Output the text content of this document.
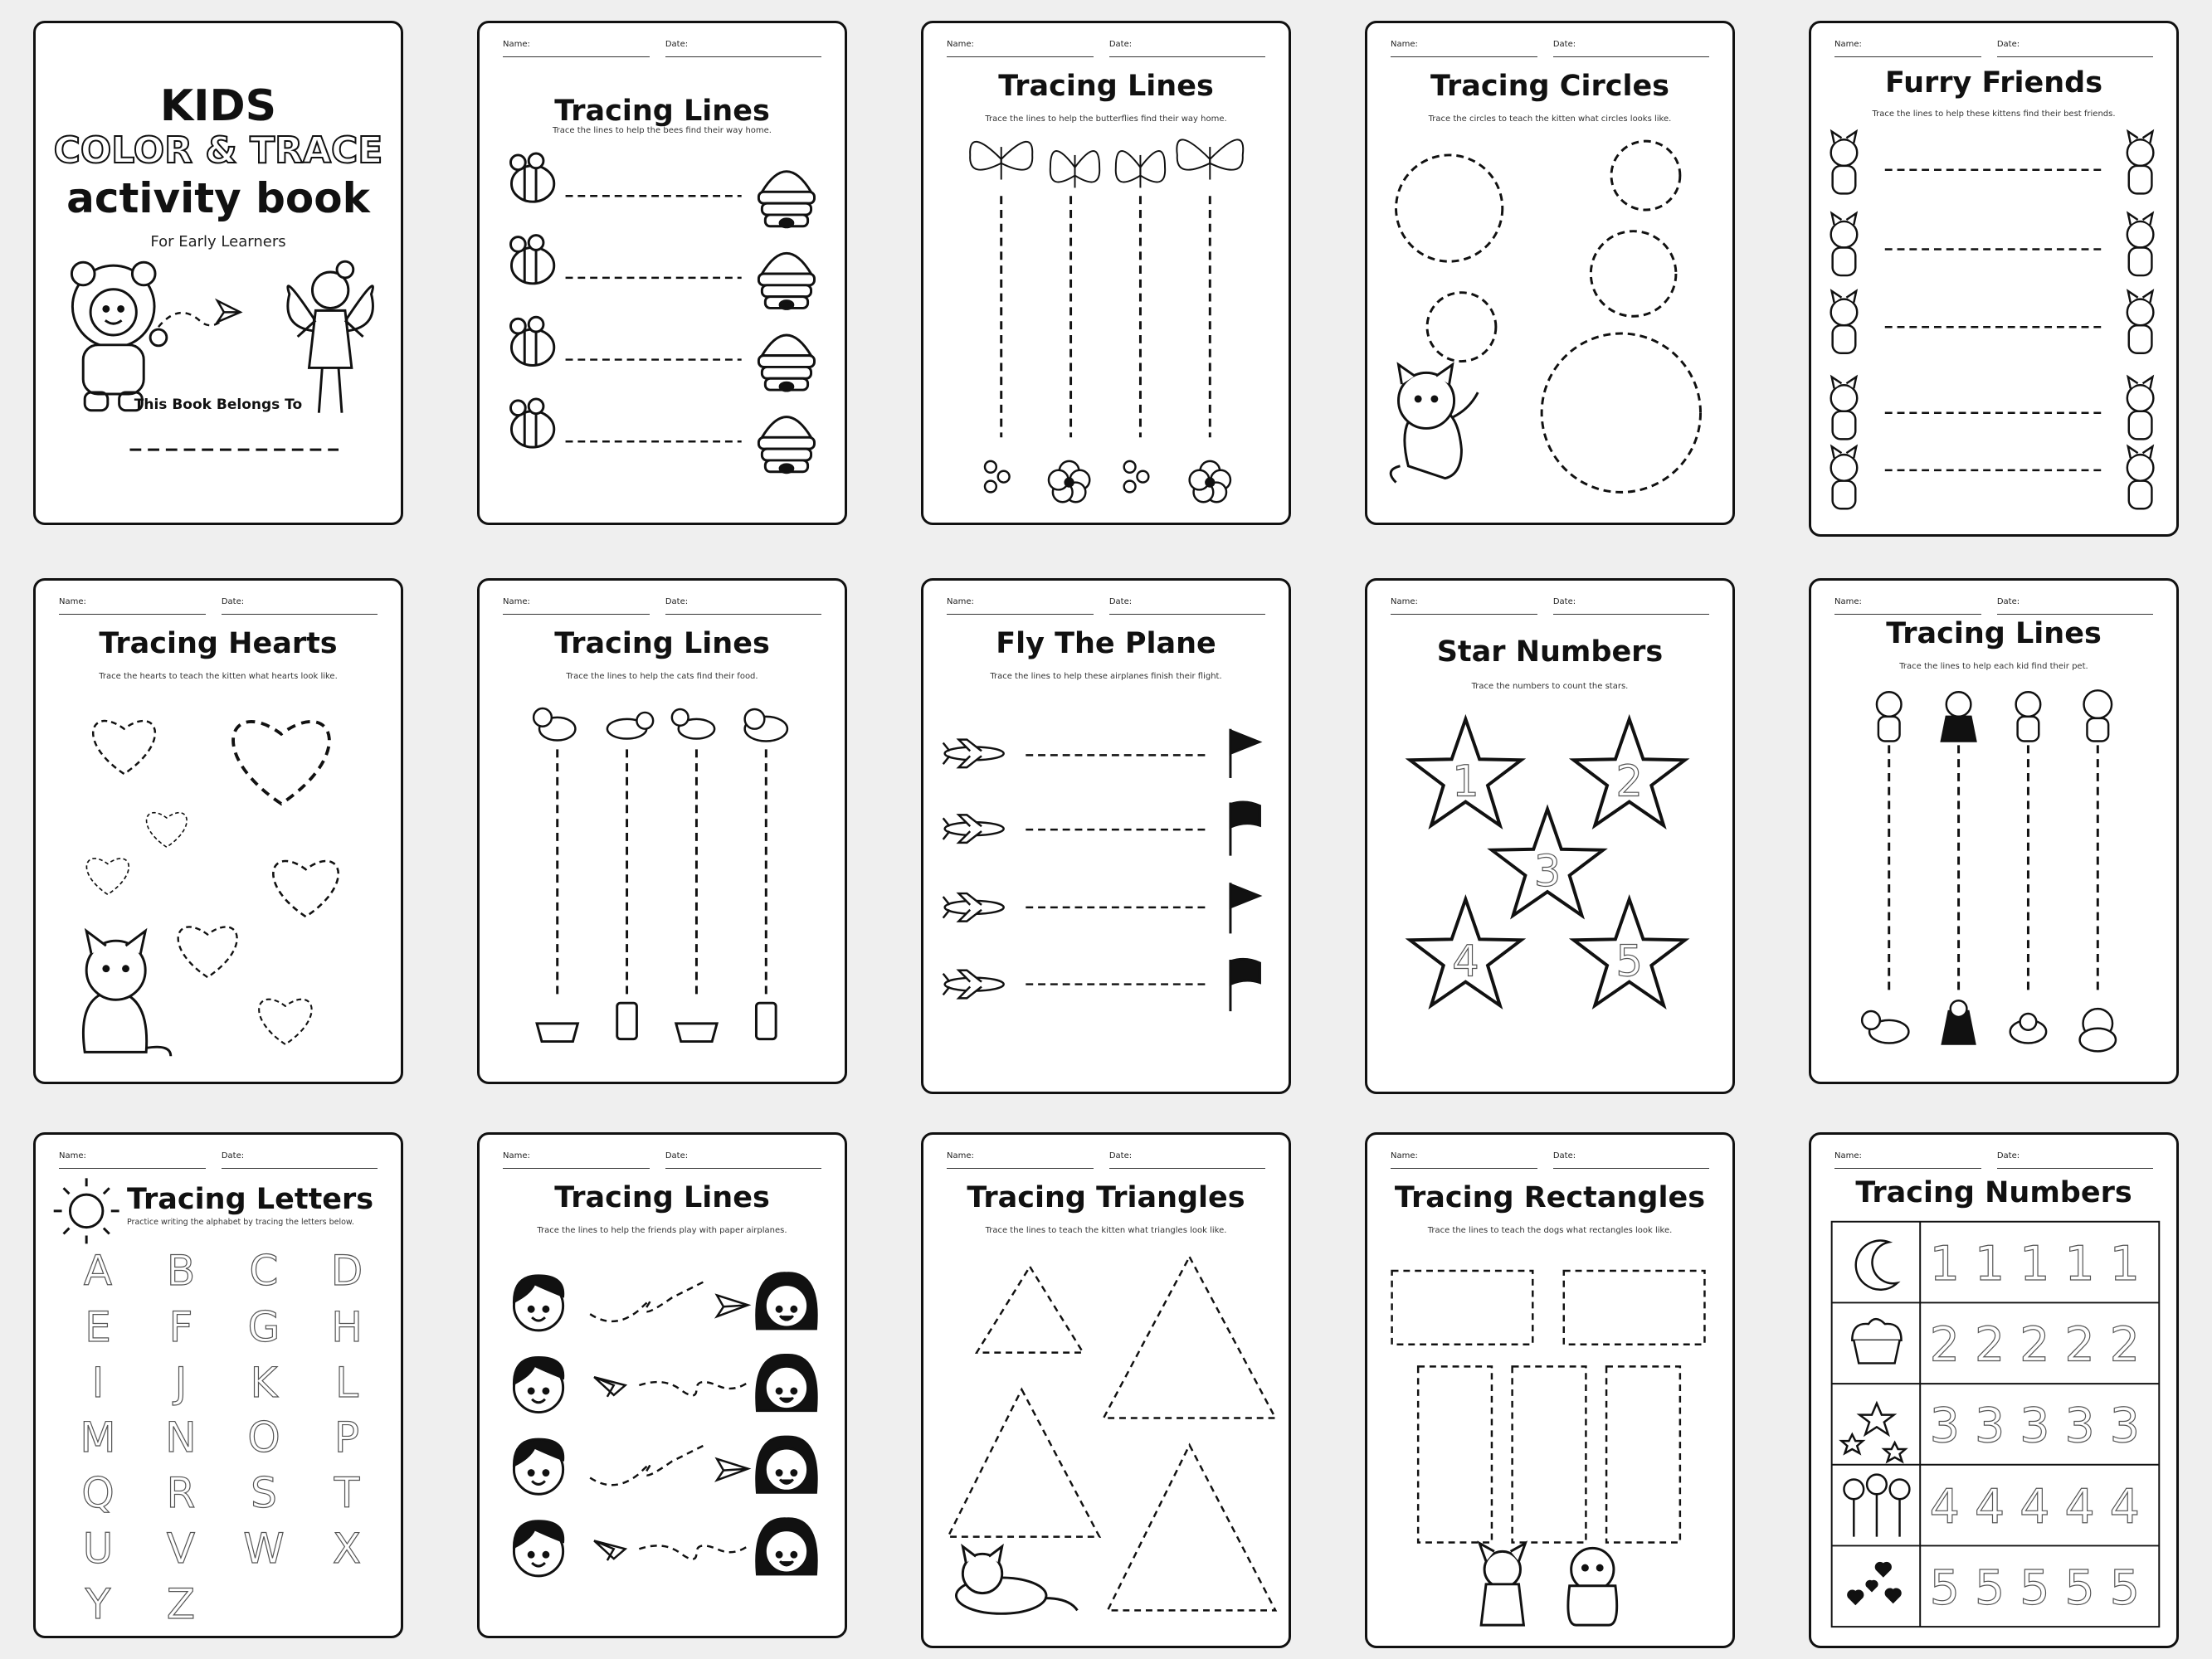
KIDS
COLOR & TRACE
activity book
For Early Learners
This Book Belongs To
Name:	Date:
Tracing Lines
Trace the lines to help the bees find their way home.
Name:	Date:
Tracing Lines
Trace the lines to help the butterflies find their way home.
Name:	Date:
Tracing Circles
Trace the circles to teach the kitten what circles looks like.
Name:	Date:
Furry Friends
Trace the lines to help these kittens find their best friends.
Name:	Date:
Tracing Hearts
Trace the hearts to teach the kitten what hearts look like.
Name:	Date:
Tracing Lines
Trace the lines to help the cats find their food.
Name:	Date:
Fly The Plane
Trace the lines to help these airplanes finish their flight.
Name:	Date:
Star Numbers
Trace the numbers to count the stars.
1	2
3
4	5
Name:	Date:
Tracing Lines
Trace the lines to help each kid find their pet.
Name:	Date:
Tracing Letters
Practice writing the alphabet by tracing the letters below.
A B C D
E	F	G H
I	J	K	L
M N O P
Q R S T
U V W X
Y Z
Name:	Date:
Tracing Lines
Trace the lines to help the friends play with paper airplanes.
Name:	Date:
Tracing Triangles
Trace the lines to teach the kitten what triangles look like.
Name:	Date:
Tracing Rectangles
Trace the lines to teach the dogs what rectangles look like.
Name:	Date:
Tracing Numbers
1 1 1 1 1
2 2 2 2 2
3 3 3 3 3
4 4 4 4 4
5 5 5 5 5
